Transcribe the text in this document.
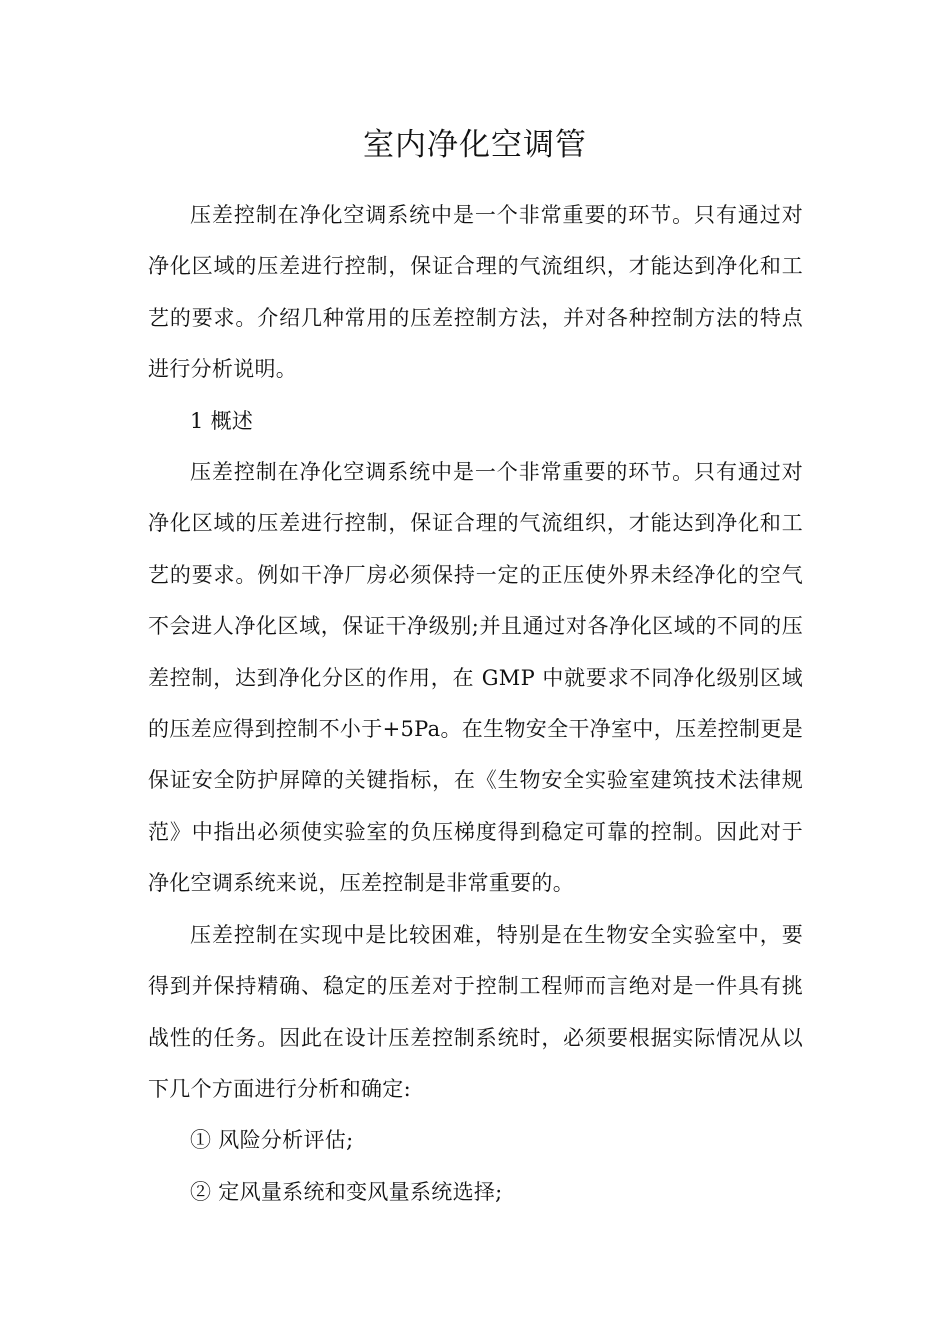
室内净化空调管

压差控制在净化空调系统中是一个非常重要的环节。只有通过对净化区域的压差进行控制，保证合理的气流组织，才能达到净化和工艺的要求。介绍几种常用的压差控制方法，并对各种控制方法的特点进行分析说明。

1 概述

压差控制在净化空调系统中是一个非常重要的环节。只有通过对净化区域的压差进行控制，保证合理的气流组织，才能达到净化和工艺的要求。例如干净厂房必须保持一定的正压使外界未经净化的空气不会进人净化区域，保证干净级别;并且通过对各净化区域的不同的压差控制，达到净化分区的作用，在 GMP 中就要求不同净化级别区域的压差应得到控制不小于+5Pa。在生物安全干净室中，压差控制更是保证安全防护屏障的关键指标，在《生物安全实验室建筑技术法律规范》中指出必须使实验室的负压梯度得到稳定可靠的控制。因此对于净化空调系统来说，压差控制是非常重要的。

压差控制在实现中是比较困难，特别是在生物安全实验室中，要得到并保持精确、稳定的压差对于控制工程师而言绝对是一件具有挑战性的任务。因此在设计压差控制系统时，必须要根据实际情况从以下几个方面进行分析和确定:

① 风险分析评估;

② 定风量系统和变风量系统选择;
